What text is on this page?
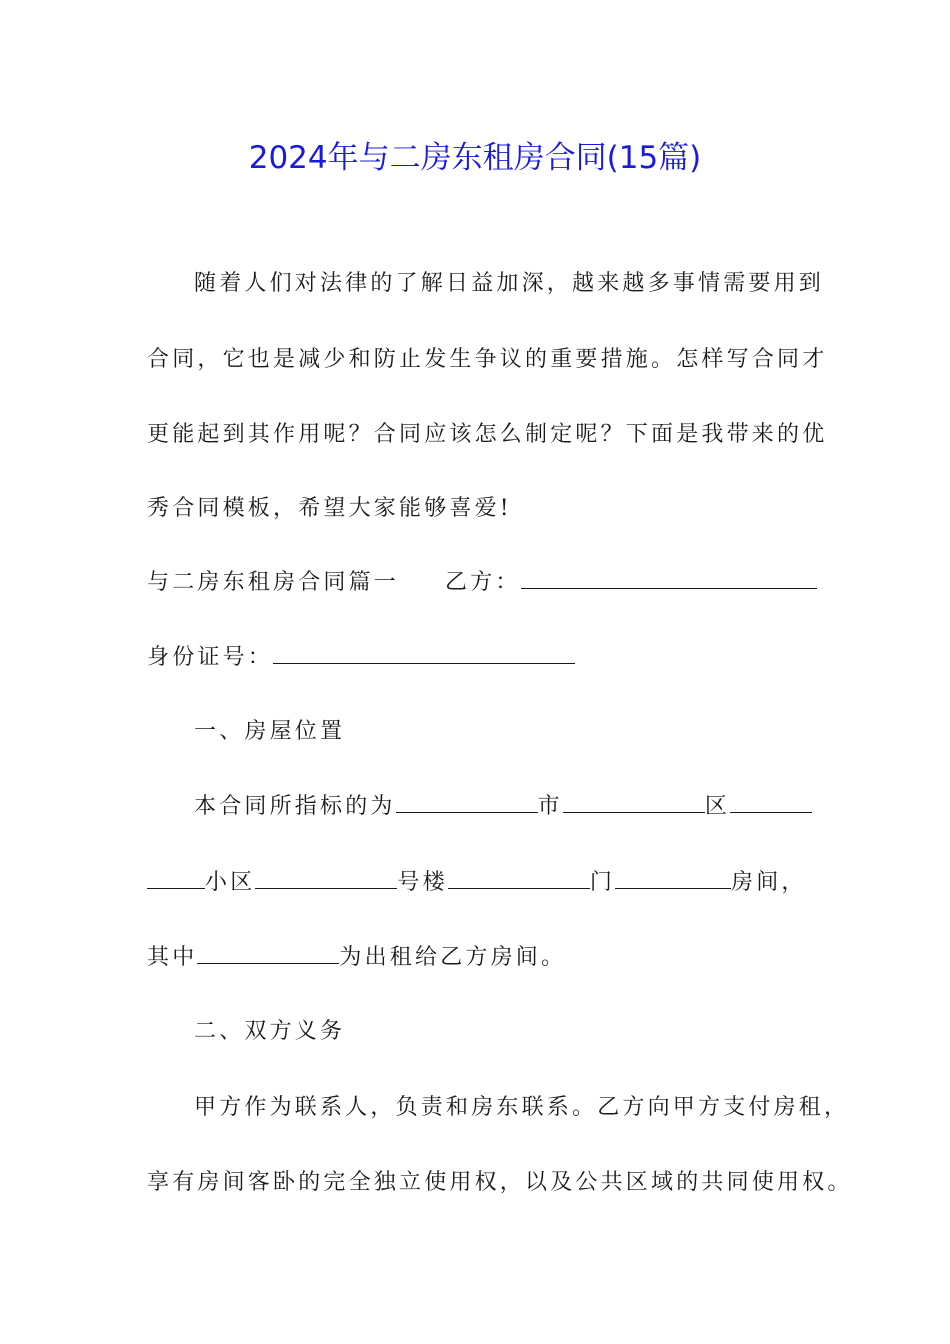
2024年与二房东租房合同(15篇)
随着人们对法律的了解日益加深，越来越多事情需要用到
合同，它也是减少和防止发生争议的重要措施。怎样写合同才
更能起到其作用呢？合同应该怎么制定呢？下面是我带来的优
秀合同模板，希望大家能够喜爱!
与二房东租房合同篇一 乙方：
身份证号：
一、房屋位置
本合同所指标的为	市	区
小区	号楼	门	房间，
其中	为出租给乙方房间。
二、双方义务
甲方作为联系人，负责和房东联系。乙方向甲方支付房租，
享有房间客卧的完全独立使用权，以及公共区域的共同使用权。
